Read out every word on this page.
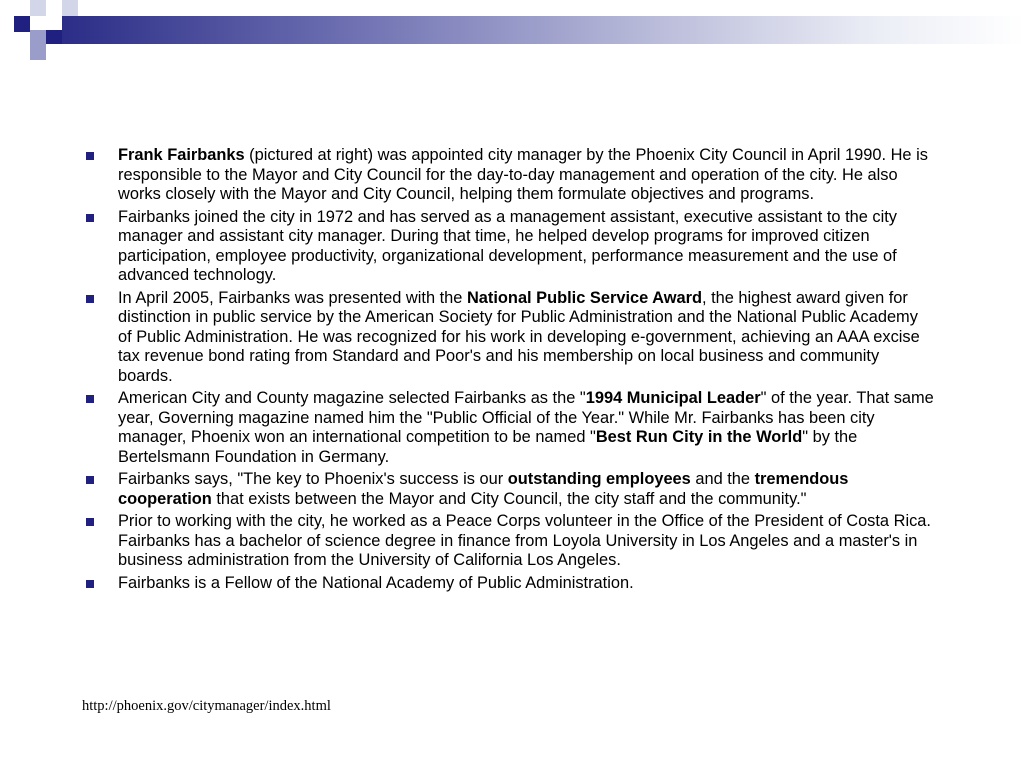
Frank Fairbanks (pictured at right) was appointed city manager by the Phoenix City Council in April 1990. He is responsible to the Mayor and City Council for the day-to-day management and operation of the city. He also works closely with the Mayor and City Council, helping them formulate objectives and programs.
Fairbanks joined the city in 1972 and has served as a management assistant, executive assistant to the city manager and assistant city manager. During that time, he helped develop programs for improved citizen participation, employee productivity, organizational development, performance measurement and the use of advanced technology.
In April 2005, Fairbanks was presented with the National Public Service Award, the highest award given for distinction in public service by the American Society for Public Administration and the National Public Academy of Public Administration. He was recognized for his work in developing e-government, achieving an AAA excise tax revenue bond rating from Standard and Poor's and his membership on local business and community boards.
American City and County magazine selected Fairbanks as the "1994 Municipal Leader" of the year. That same year, Governing magazine named him the "Public Official of the Year." While Mr. Fairbanks has been city manager, Phoenix won an international competition to be named "Best Run City in the World" by the Bertelsmann Foundation in Germany.
Fairbanks says, "The key to Phoenix's success is our outstanding employees and the tremendous cooperation that exists between the Mayor and City Council, the city staff and the community."
Prior to working with the city, he worked as a Peace Corps volunteer in the Office of the President of Costa Rica. Fairbanks has a bachelor of science degree in finance from Loyola University in Los Angeles and a master's in business administration from the University of California Los Angeles.
Fairbanks is a Fellow of the National Academy of Public Administration.
http://phoenix.gov/citymanager/index.html
